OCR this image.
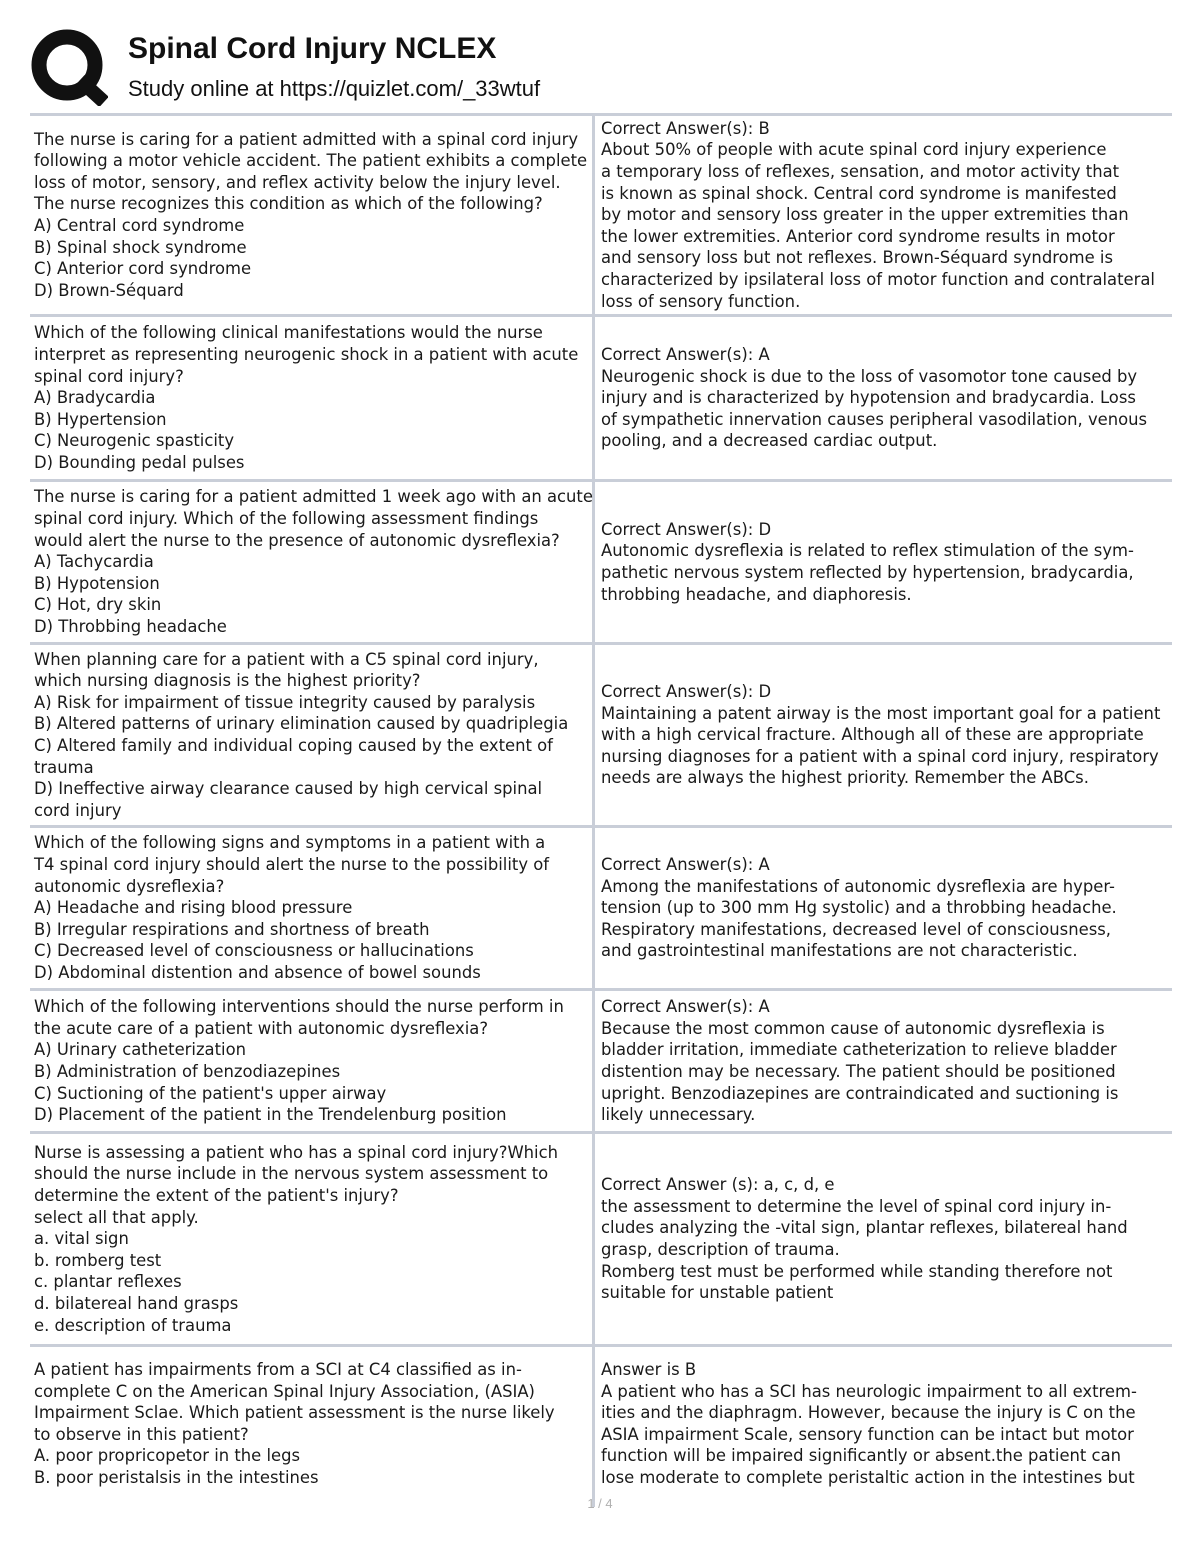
Spinal Cord Injury NCLEX
Study online at https://quizlet.com/_33wtuf
The nurse is caring for a patient admitted with a spinal cord injury
following a motor vehicle accident. The patient exhibits a complete
loss of motor, sensory, and reflex activity below the injury level.
The nurse recognizes this condition as which of the following?
A) Central cord syndrome
B) Spinal shock syndrome
C) Anterior cord syndrome
D) Brown-Séquard
Correct Answer(s): B
About 50% of people with acute spinal cord injury experience
a temporary loss of reflexes, sensation, and motor activity that
is known as spinal shock. Central cord syndrome is manifested
by motor and sensory loss greater in the upper extremities than
the lower extremities. Anterior cord syndrome results in motor
and sensory loss but not reflexes. Brown-Séquard syndrome is
characterized by ipsilateral loss of motor function and contralateral
loss of sensory function.
Which of the following clinical manifestations would the nurse
interpret as representing neurogenic shock in a patient with acute
spinal cord injury?
A) Bradycardia
B) Hypertension
C) Neurogenic spasticity
D) Bounding pedal pulses
Correct Answer(s): A
Neurogenic shock is due to the loss of vasomotor tone caused by
injury and is characterized by hypotension and bradycardia. Loss
of sympathetic innervation causes peripheral vasodilation, venous
pooling, and a decreased cardiac output.
The nurse is caring for a patient admitted 1 week ago with an acute
spinal cord injury. Which of the following assessment findings
would alert the nurse to the presence of autonomic dysreflexia?
A) Tachycardia
B) Hypotension
C) Hot, dry skin
D) Throbbing headache
Correct Answer(s): D
Autonomic dysreflexia is related to reflex stimulation of the sym-
pathetic nervous system reflected by hypertension, bradycardia,
throbbing headache, and diaphoresis.
When planning care for a patient with a C5 spinal cord injury,
which nursing diagnosis is the highest priority?
A) Risk for impairment of tissue integrity caused by paralysis
B) Altered patterns of urinary elimination caused by quadriplegia
C) Altered family and individual coping caused by the extent of
trauma
D) Ineffective airway clearance caused by high cervical spinal
cord injury
Correct Answer(s): D
Maintaining a patent airway is the most important goal for a patient
with a high cervical fracture. Although all of these are appropriate
nursing diagnoses for a patient with a spinal cord injury, respiratory
needs are always the highest priority. Remember the ABCs.
Which of the following signs and symptoms in a patient with a
T4 spinal cord injury should alert the nurse to the possibility of
autonomic dysreflexia?
A) Headache and rising blood pressure
B) Irregular respirations and shortness of breath
C) Decreased level of consciousness or hallucinations
D) Abdominal distention and absence of bowel sounds
Correct Answer(s): A
Among the manifestations of autonomic dysreflexia are hyper-
tension (up to 300 mm Hg systolic) and a throbbing headache.
Respiratory manifestations, decreased level of consciousness,
and gastrointestinal manifestations are not characteristic.
Which of the following interventions should the nurse perform in
the acute care of a patient with autonomic dysreflexia?
A) Urinary catheterization
B) Administration of benzodiazepines
C) Suctioning of the patient's upper airway
D) Placement of the patient in the Trendelenburg position
Correct Answer(s): A
Because the most common cause of autonomic dysreflexia is
bladder irritation, immediate catheterization to relieve bladder
distention may be necessary. The patient should be positioned
upright. Benzodiazepines are contraindicated and suctioning is
likely unnecessary.
Nurse is assessing a patient who has a spinal cord injury?Which
should the nurse include in the nervous system assessment to
determine the extent of the patient's injury?
select all that apply.
a. vital sign
b. romberg test
c. plantar reflexes
d. bilatereal hand grasps
e. description of trauma
Correct Answer (s): a, c, d, e
the assessment to determine the level of spinal cord injury in-
cludes analyzing the -vital sign, plantar reflexes, bilatereal hand
grasp, description of trauma.
Romberg test must be performed while standing therefore not
suitable for unstable patient
A patient has impairments from a SCI at C4 classified as in-
complete C on the American Spinal Injury Association, (ASIA)
Impairment Sclae. Which patient assessment is the nurse likely
to observe in this patient?
A. poor propricopetor in the legs
B. poor peristalsis in the intestines
Answer is B
A patient who has a SCI has neurologic impairment to all extrem-
ities and the diaphragm. However, because the injury is C on the
ASIA impairment Scale, sensory function can be intact but motor
function will be impaired significantly or absent.the patient can
lose moderate to complete peristaltic action in the intestines but
1 / 4
